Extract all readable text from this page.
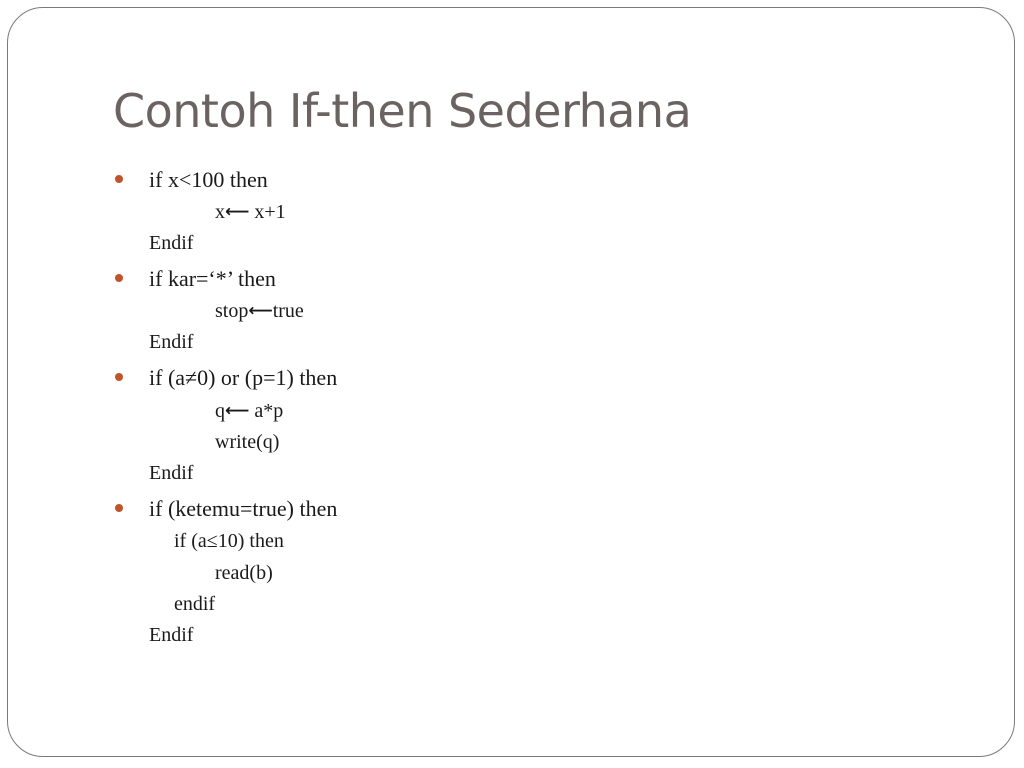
Contoh If-then Sederhana
if x<100 then
x⟵ x+1
Endif
if kar=‘*’ then
stop⟵true
Endif
if (a≠0) or (p=1) then
q⟵ a*p
write(q)
Endif
if (ketemu=true) then
if (a≤10) then
read(b)
endif
Endif
